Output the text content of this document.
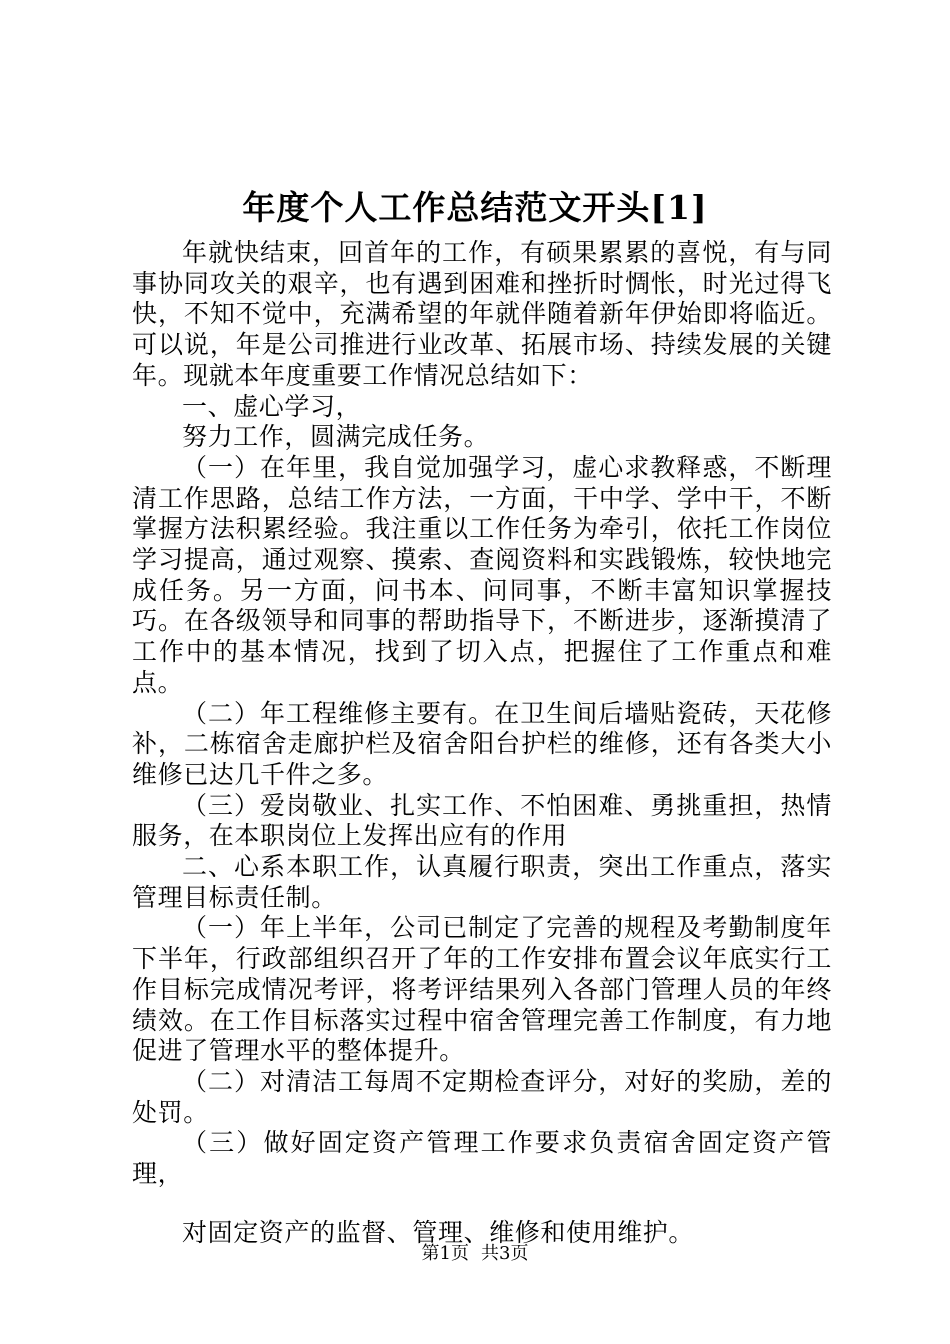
年度个人工作总结范文开头[1]

年就快结束，回首年的工作，有硕果累累的喜悦，有与同事协同攻关的艰辛，也有遇到困难和挫折时惆怅，时光过得飞快，不知不觉中，充满希望的年就伴随着新年伊始即将临近。可以说，年是公司推进行业改革、拓展市场、持续发展的关键年。现就本年度重要工作情况总结如下：

一、虚心学习，

努力工作，圆满完成任务。

（一）在年里，我自觉加强学习，虚心求教释惑，不断理清工作思路，总结工作方法，一方面，干中学、学中干，不断掌握方法积累经验。我注重以工作任务为牵引，依托工作岗位学习提高，通过观察、摸索、查阅资料和实践锻炼，较快地完成任务。另一方面，问书本、问同事，不断丰富知识掌握技巧。在各级领导和同事的帮助指导下，不断进步，逐渐摸清了工作中的基本情况，找到了切入点，把握住了工作重点和难点。

（二）年工程维修主要有。在卫生间后墙贴瓷砖，天花修补，二栋宿舍走廊护栏及宿舍阳台护栏的维修，还有各类大小维修已达几千件之多。

（三）爱岗敬业、扎实工作、不怕困难、勇挑重担，热情服务，在本职岗位上发挥出应有的作用

二、心系本职工作，认真履行职责，突出工作重点，落实管理目标责任制。

（一）年上半年，公司已制定了完善的规程及考勤制度年下半年，行政部组织召开了年的工作安排布置会议年底实行工作目标完成情况考评，将考评结果列入各部门管理人员的年终绩效。在工作目标落实过程中宿舍管理完善工作制度，有力地促进了管理水平的整体提升。

（二）对清洁工每周不定期检查评分，对好的奖励，差的处罚。

（三）做好固定资产管理工作要求负责宿舍固定资产管理，

对固定资产的监督、管理、维修和使用维护。

第1页 共3页
